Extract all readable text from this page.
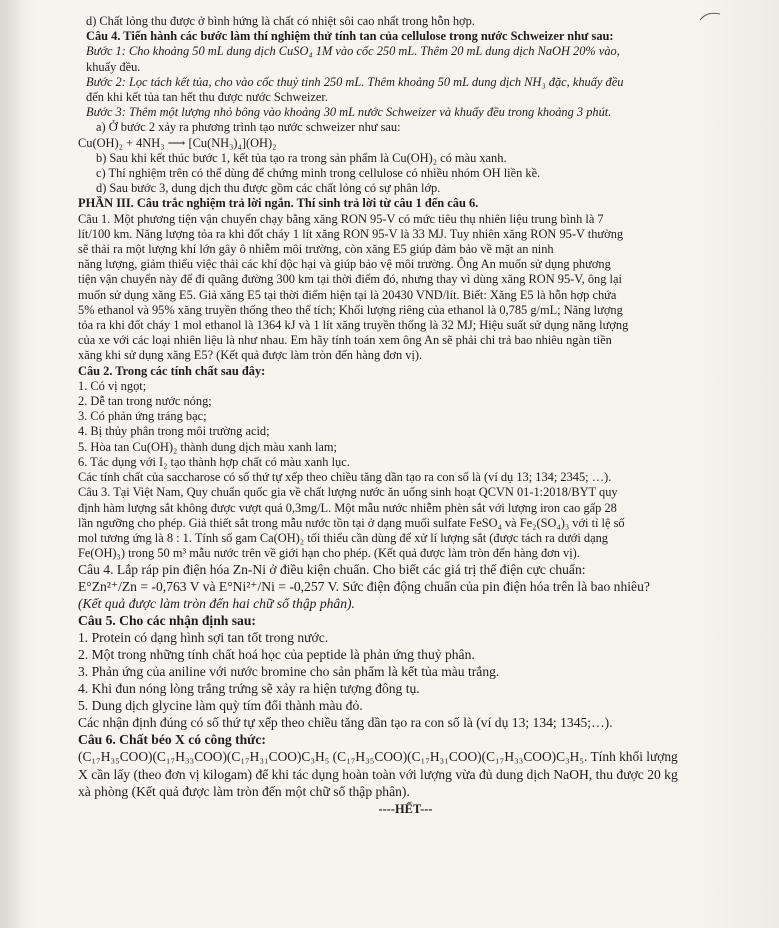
d) Chất lỏng thu được ở bình hứng là chất có nhiệt sôi cao nhất trong hỗn hợp.
Câu 4. Tiến hành các bước làm thí nghiệm thử tính tan của cellulose trong nước Schweizer như sau:
Bước 1: Cho khoảng 50 mL dung dịch CuSO₄ 1M vào cốc 250 mL. Thêm 20 mL dung dịch NaOH 20% vào,
khuấy đều.
Bước 2: Lọc tách kết tủa, cho vào cốc thuỷ tinh 250 mL. Thêm khoảng 50 mL dung dịch NH₃ đặc, khuấy đều
đến khi kết tủa tan hết thu được nước Schweizer.
Bước 3: Thêm một lượng nhỏ bông vào khoảng 30 mL nước Schweizer và khuấy đều trong khoảng 3 phút.
a) Ở bước 2 xảy ra phương trình tạo nước schweizer như sau:
Cu(OH)₂ + 4NH₃ ⟶ [Cu(NH₃)₄](OH)₂
b) Sau khi kết thúc bước 1, kết tủa tạo ra trong sản phẩm là Cu(OH)₂ có màu xanh.
c) Thí nghiệm trên có thể dùng để chứng minh trong cellulose có nhiều nhóm OH liền kề.
d) Sau bước 3, dung dịch thu được gồm các chất lỏng có sự phân lớp.
PHẦN III. Câu trắc nghiệm trả lời ngắn. Thí sinh trả lời từ câu 1 đến câu 6.
Câu 1. Một phương tiện vận chuyển chạy bằng xăng RON 95-V có mức tiêu thụ nhiên liệu trung bình là 7
lít/100 km. Năng lượng tỏa ra khi đốt cháy 1 lít xăng RON 95-V là 33 MJ. Tuy nhiên xăng RON 95-V thường
sẽ thải ra một lượng khí lớn gây ô nhiễm môi trường, còn xăng E5 giúp đảm bảo về mặt an ninh
năng lượng, giảm thiểu việc thải các khí độc hại và giúp bảo vệ môi trường. Ông An muốn sử dụng phương
tiện vận chuyển này để đi quãng đường 300 km tại thời điểm đó, nhưng thay vì dùng xăng RON 95-V, ông lại
muốn sử dụng xăng E5. Giả xăng E5 tại thời điểm hiện tại là 20430 VND/lít. Biết: Xăng E5 là hỗn hợp chứa
5% ethanol và 95% xăng truyền thống theo thể tích; Khối lượng riêng của ethanol là 0,785 g/mL; Năng lượng
tỏa ra khi đốt cháy 1 mol ethanol là 1364 kJ và 1 lít xăng truyền thống là 32 MJ; Hiệu suất sử dụng năng lượng
của xe với các loại nhiên liệu là như nhau. Em hãy tính toán xem ông An sẽ phải chi trả bao nhiêu ngàn tiền
xăng khi sử dụng xăng E5? (Kết quả được làm tròn đến hàng đơn vị).
Câu 2. Trong các tính chất sau đây:
1. Có vị ngọt;
2. Dễ tan trong nước nóng;
3. Có phản ứng tráng bạc;
4. Bị thủy phân trong môi trường acid;
5. Hòa tan Cu(OH)₂ thành dung dịch màu xanh lam;
6. Tác dụng với I₂ tạo thành hợp chất có màu xanh lục.
Các tính chất của saccharose có số thứ tự xếp theo chiều tăng dần tạo ra con số là (ví dụ 13; 134; 2345; …).
Câu 3. Tại Việt Nam, Quy chuẩn quốc gia về chất lượng nước ăn uống sinh hoạt QCVN 01-1:2018/BYT quy
định hàm lượng sắt không được vượt quá 0,3mg/L. Một mẫu nước nhiễm phèn sắt với lượng iron cao gấp 28
lần ngưỡng cho phép. Giả thiết sắt trong mẫu nước tồn tại ở dạng muối sulfate FeSO₄ và Fe₂(SO₄)₃ với tỉ lệ số
mol tương ứng là 8 : 1. Tính số gam Ca(OH)₂ tối thiểu cần dùng để xử lí lượng sắt (được tách ra dưới dạng
Fe(OH)₃) trong 50 m³ mẫu nước trên về giới hạn cho phép. (Kết quả được làm tròn đến hàng đơn vị).
Câu 4. Lắp ráp pin điện hóa Zn-Ni ở điều kiện chuẩn. Cho biết các giá trị thế điện cực chuẩn:
E°Zn²⁺/Zn = -0,763 V và E°Ni²⁺/Ni = -0,257 V. Sức điện động chuẩn của pin điện hóa trên là bao nhiêu?
(Kết quả được làm tròn đến hai chữ số thập phân).
Câu 5. Cho các nhận định sau:
1. Protein có dạng hình sợi tan tốt trong nước.
2. Một trong những tính chất hoá học của peptide là phản ứng thuỷ phân.
3. Phản ứng của aniline với nước bromine cho sản phẩm là kết tủa màu trắng.
4. Khi đun nóng lòng trắng trứng sẽ xảy ra hiện tượng đông tụ.
5. Dung dịch glycine làm quỳ tím đổi thành màu đỏ.
Các nhận định đúng có số thứ tự xếp theo chiều tăng dần tạo ra con số là (ví dụ 13; 134; 1345;…).
Câu 6. Chất béo X có công thức:
(C₁₇H₃₅COO)(C₁₇H₃₃COO)(C₁₇H₃₁COO)C₃H₅ (C₁₇H₃₅COO)(C₁₇H₃₁COO)(C₁₇H₃₃COO)C₃H₅. Tính khối lượng
X cần lấy (theo đơn vị kilogam) để khi tác dụng hoàn toàn với lượng vừa đủ dung dịch NaOH, thu được 20 kg
xà phòng (Kết quả được làm tròn đến một chữ số thập phân).
----HẾT---
